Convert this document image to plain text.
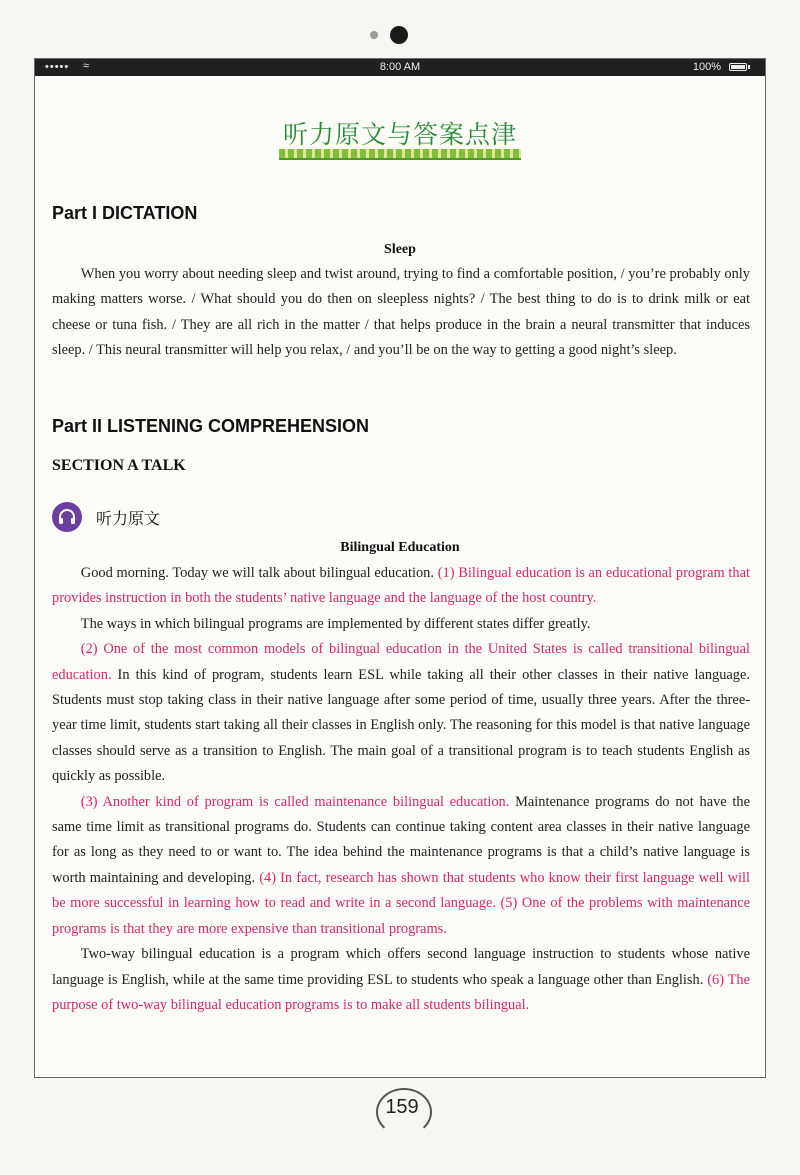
••••• ≈	8:00 AM	100%
听力原文与答案点津
Part I DICTATION
Sleep

When you worry about needing sleep and twist around, trying to find a comfortable position, / you’re probably only making matters worse. / What should you do then on sleepless nights? / The best thing to do is to drink milk or eat cheese or tuna fish. / They are all rich in the matter / that helps produce in the brain a neural transmitter that induces sleep. / This neural transmitter will help you relax, / and you’ll be on the way to getting a good night’s sleep.

Part II LISTENING COMPREHENSION
SECTION A TALK
听力原文
Bilingual Education

Good morning. Today we will talk about bilingual education. (1) Bilingual education is an educational program that provides instruction in both the students’ native language and the language of the host country.

The ways in which bilingual programs are implemented by different states differ greatly.

(2) One of the most common models of bilingual education in the United States is called transitional bilingual education. In this kind of program, students learn ESL while taking all their other classes in their native language. Students must stop taking class in their native language after some period of time, usually three years. After the three-year time limit, students start taking all their classes in English only. The reasoning for this model is that native language classes should serve as a transition to English. The main goal of a transitional program is to teach students English as quickly as possible.

(3) Another kind of program is called maintenance bilingual education. Maintenance programs do not have the same time limit as transitional programs do. Students can continue taking content area classes in their native language for as long as they need to or want to. The idea behind the maintenance programs is that a child’s native language is worth maintaining and developing. (4) In fact, research has shown that students who know their first language well will be more successful in learning how to read and write in a second language. (5) One of the problems with maintenance programs is that they are more expensive than transitional programs.

Two-way bilingual education is a program which offers second language instruction to students whose native language is English, while at the same time providing ESL to students who speak a language other than English. (6) The purpose of two-way bilingual education programs is to make all students bilingual.

159
